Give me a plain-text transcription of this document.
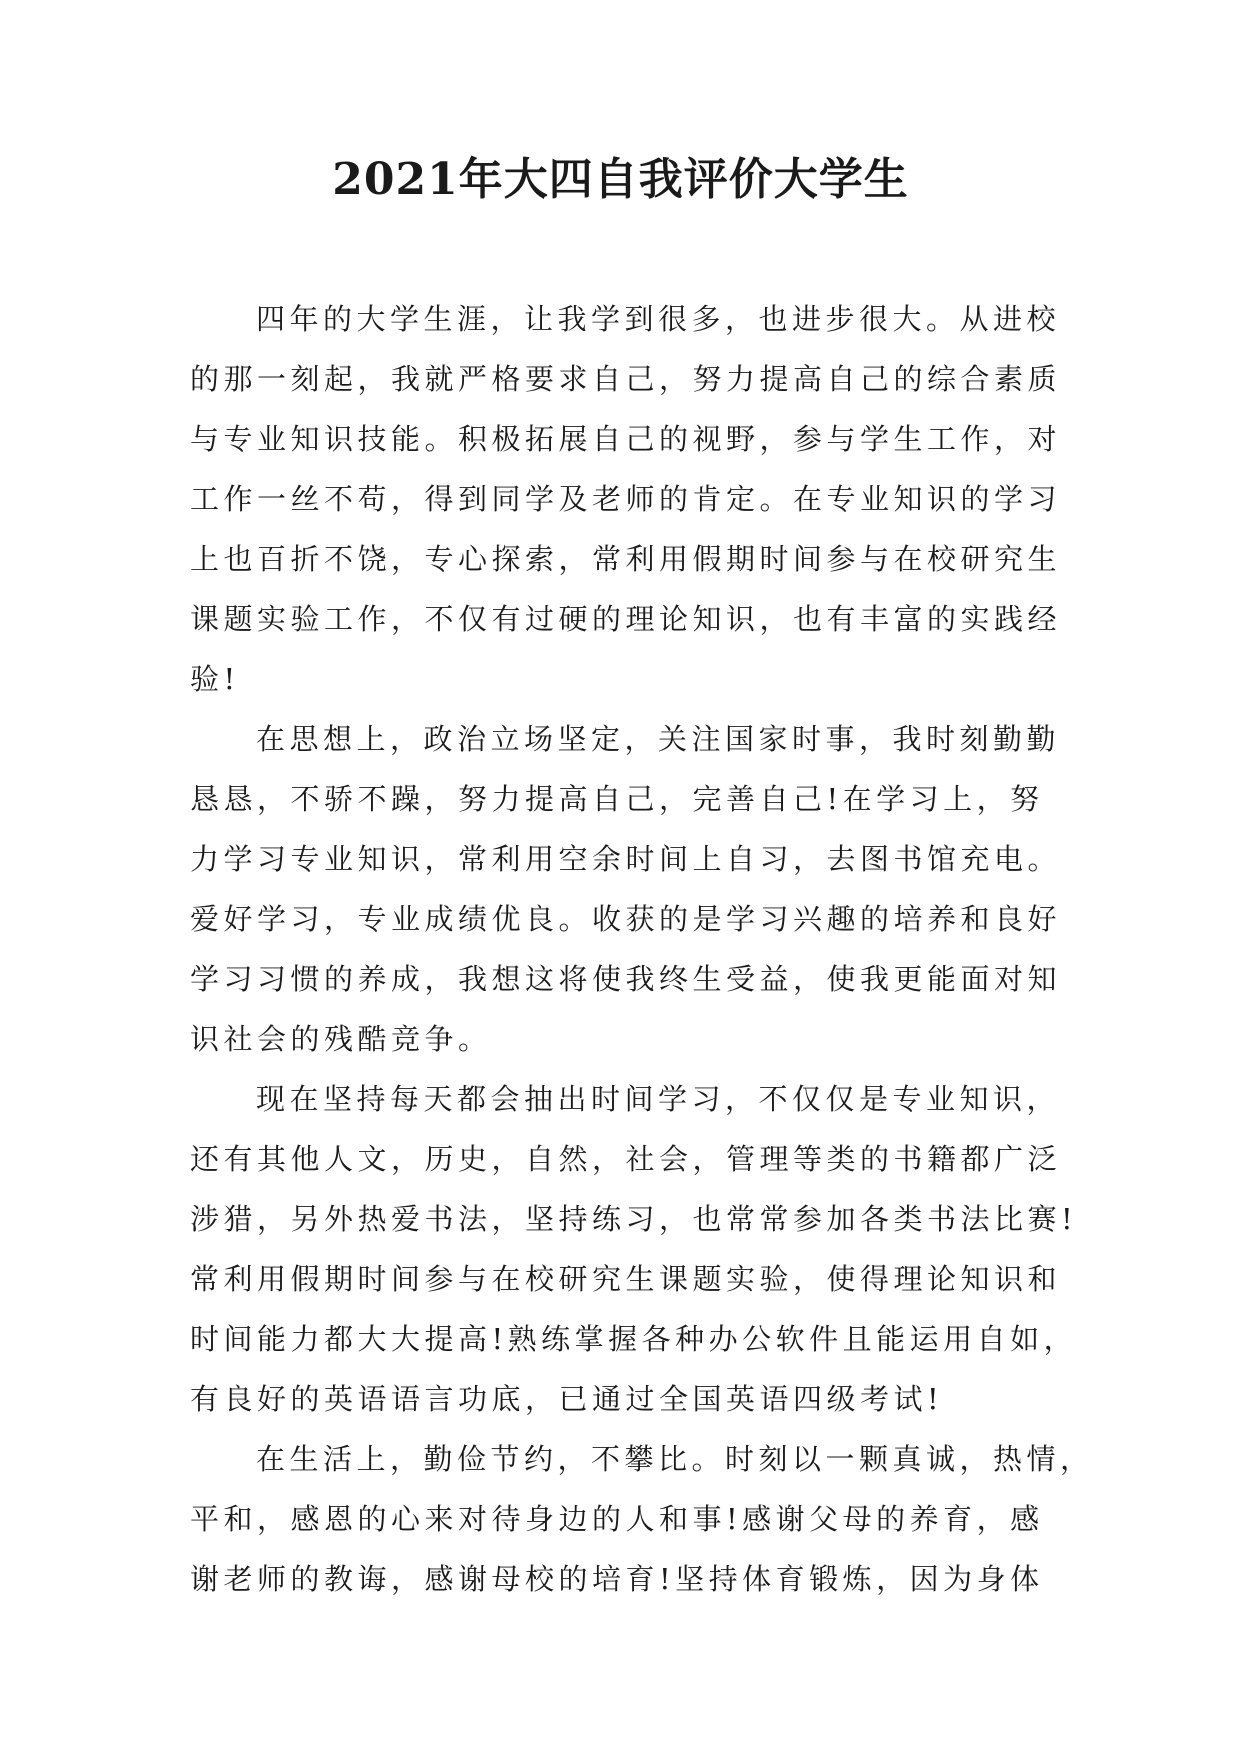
2021年大四自我评价大学生

四年的大学生涯，让我学到很多，也进步很大。从进校
的那一刻起，我就严格要求自己，努力提高自己的综合素质
与专业知识技能。积极拓展自己的视野，参与学生工作，对
工作一丝不苟，得到同学及老师的肯定。在专业知识的学习
上也百折不饶，专心探索，常利用假期时间参与在校研究生
课题实验工作，不仅有过硬的理论知识，也有丰富的实践经
验!

在思想上，政治立场坚定，关注国家时事，我时刻勤勤
恳恳，不骄不躁，努力提高自己，完善自己!在学习上，努
力学习专业知识，常利用空余时间上自习，去图书馆充电。
爱好学习，专业成绩优良。收获的是学习兴趣的培养和良好
学习习惯的养成，我想这将使我终生受益，使我更能面对知
识社会的残酷竞争。

现在坚持每天都会抽出时间学习，不仅仅是专业知识，
还有其他人文，历史，自然，社会，管理等类的书籍都广泛
涉猎，另外热爱书法，坚持练习，也常常参加各类书法比赛!
常利用假期时间参与在校研究生课题实验，使得理论知识和
时间能力都大大提高!熟练掌握各种办公软件且能运用自如，
有良好的英语语言功底，已通过全国英语四级考试!

在生活上，勤俭节约，不攀比。时刻以一颗真诚，热情，
平和，感恩的心来对待身边的人和事!感谢父母的养育，感
谢老师的教诲，感谢母校的培育!坚持体育锻炼，因为身体
